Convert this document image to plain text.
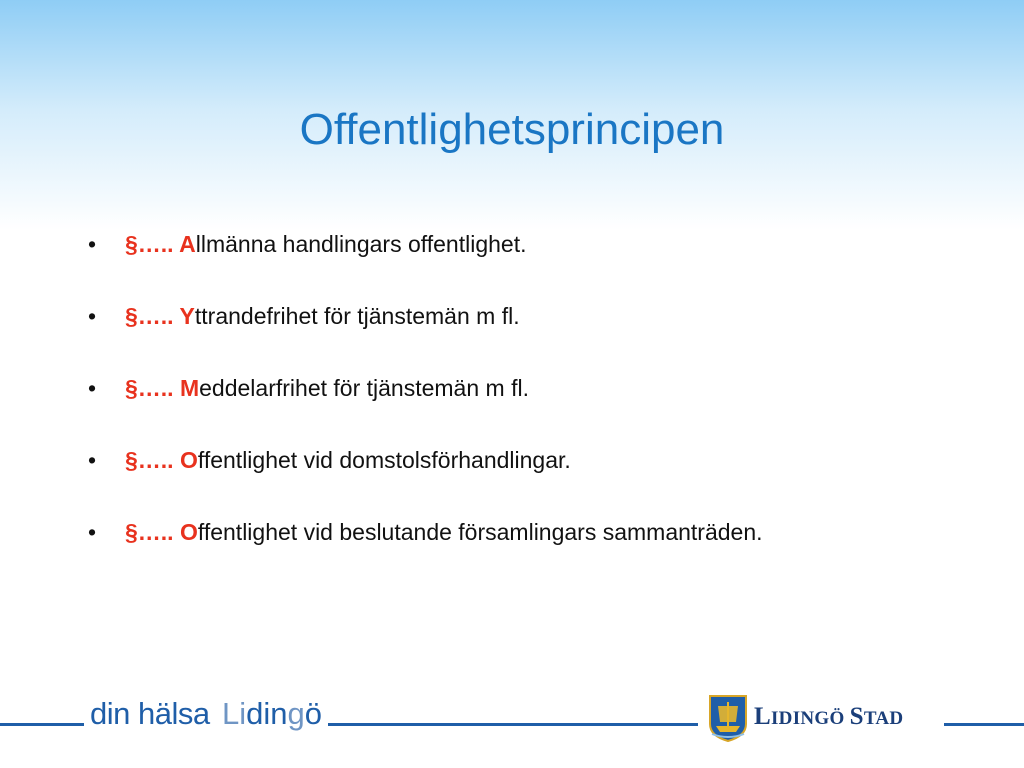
Offentlighetsprincipen
•	§….. Allmänna handlingars offentlighet.
•	§….. Yttrandefrihet för tjänstemän m fl.
•	§….. Meddelarfrihet för tjänstemän m fl.
•	§….. Offentlighet vid domstolsförhandlingar.
•	§….. Offentlighet vid beslutande församlingars sammanträden.
din hälsa Lidingö	LIDINGÖ STAD
